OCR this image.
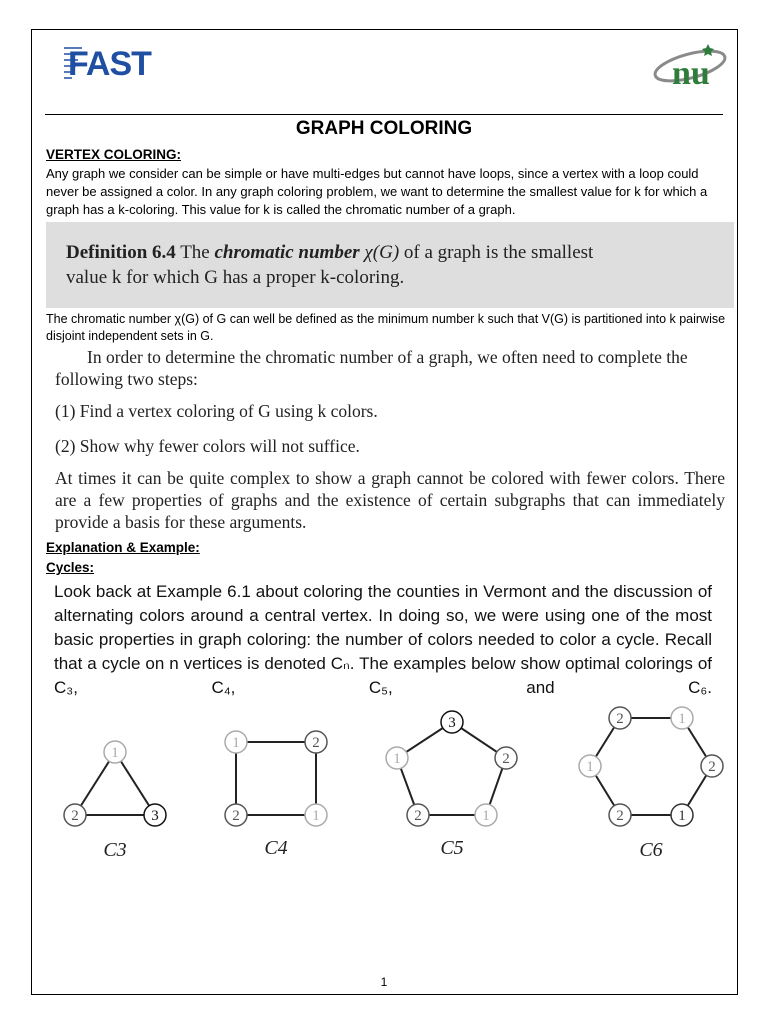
FAST	nu
GRAPH COLORING
VERTEX COLORING:
Any graph we consider can be simple or have multi-edges but cannot have loops, since a vertex with a loop could never be assigned a color. In any graph coloring problem, we want to determine the smallest value for k for which a graph has a k-coloring. This value for k is called the chromatic number of a graph.
Definition 6.4 The chromatic number χ(G) of a graph is the smallest
value k for which G has a proper k-coloring.
The chromatic number χ(G) of G can well be defined as the minimum number k such that V(G) is partitioned into k pairwise disjoint independent sets in G.
In order to determine the chromatic number of a graph, we often need to complete the following two steps:
(1) Find a vertex coloring of G using k colors.
(2) Show why fewer colors will not suffice.
At times it can be quite complex to show a graph cannot be colored with fewer colors. There are a few properties of graphs and the existence of certain subgraphs that can immediately provide a basis for these arguments.
Explanation & Example:
Cycles:
Look back at Example 6.1 about coloring the counties in Vermont and the discussion of alternating colors around a central vertex. In doing so, we were using one of the most basic properties in graph coloring: the number of colors needed to color a cycle. Recall that a cycle on n vertices is denoted Cₙ. The examples below show optimal colorings of C₃, C₄, C₅, and C₆.
1
2	3
1	2
1
2
3
2
1
2
1
2	1
2
1
2
1
C3	C4	C5	C6
1
